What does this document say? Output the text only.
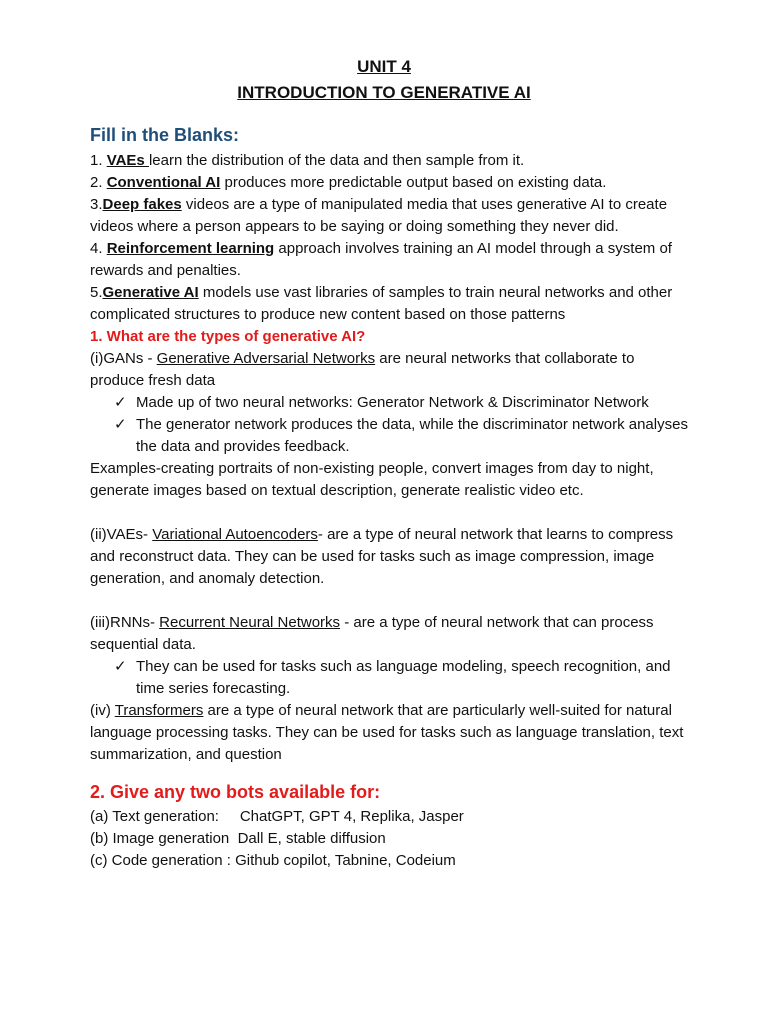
UNIT 4
INTRODUCTION TO GENERATIVE AI
Fill in the Blanks:

1. VAEs learn the distribution of the data and then sample from it.

2. Conventional AI produces more predictable output based on existing data.

3.Deep fakes videos are a type of manipulated media that uses generative AI to create videos where a person appears to be saying or doing something they never did.

4. Reinforcement learning approach involves training an AI model through a system of rewards and penalties.

5.Generative AI models use vast libraries of samples to train neural networks and other complicated structures to produce new content based on those patterns

1. What are the types of generative AI?

(i)GANs - Generative Adversarial Networks are neural networks that collaborate to produce fresh data

✓ Made up of two neural networks: Generator Network & Discriminator Network
✓ The generator network produces the data, while the discriminator network analyses the data and provides feedback.

Examples-creating portraits of non-existing people, convert images from day to night, generate images based on textual description, generate realistic video etc.

(ii)VAEs- Variational Autoencoders- are a type of neural network that learns to compress and reconstruct data. They can be used for tasks such as image compression, image generation, and anomaly detection.

(iii)RNNs- Recurrent Neural Networks - are a type of neural network that can process sequential data.

✓ They can be used for tasks such as language modeling, speech recognition, and time series forecasting.

(iv) Transformers are a type of neural network that are particularly well-suited for natural language processing tasks. They can be used for tasks such as language translation, text summarization, and question

2. Give any two bots available for:

(a) Text generation: ChatGPT, GPT 4, Replika, Jasper

(b) Image generation Dall E, stable diffusion

(c) Code generation : Github copilot, Tabnine, Codeium
